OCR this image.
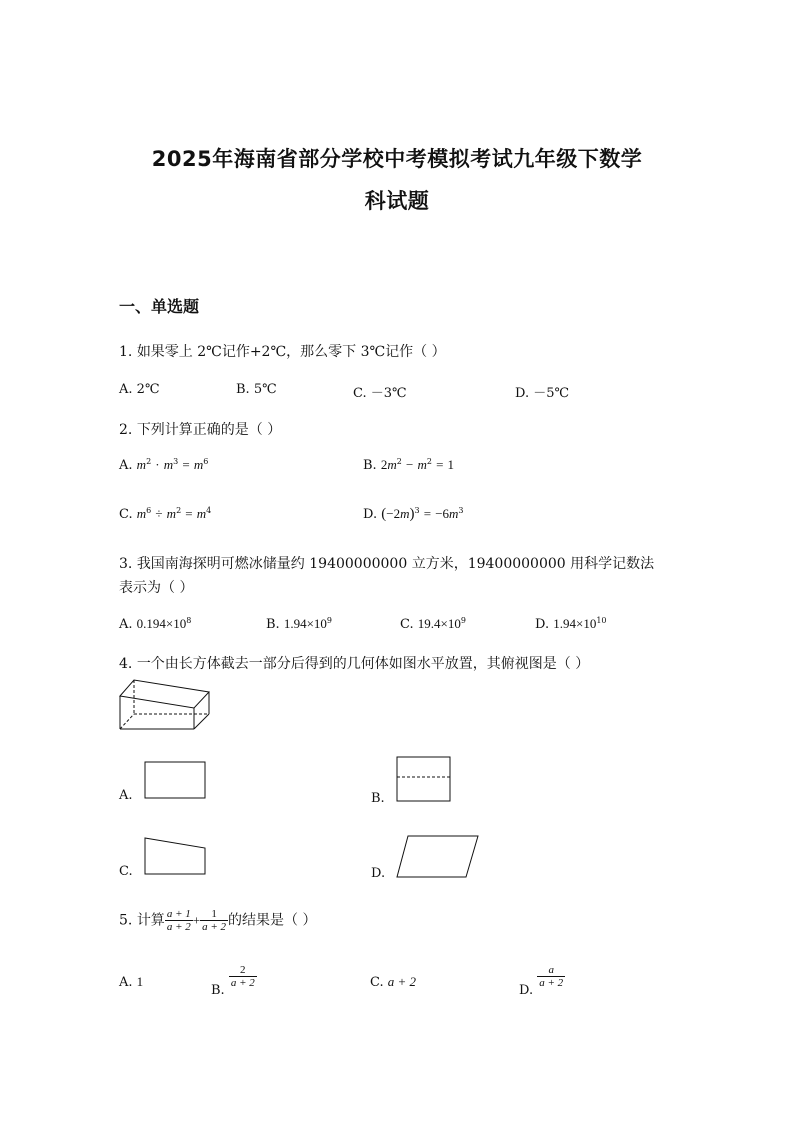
2025年海南省部分学校中考模拟考试九年级下数学
科试题
一、单选题
1. 如果零上 2℃记作+2℃，那么零下 3℃记作（ ）
A. 2℃	B. 5℃	C. －3℃	D. －5℃
2. 下列计算正确的是（ ）
A. $m^2 \cdot m^3 = m^6$	B. $2m^2 - m^2 = 1$
C. $m^6 \div m^2 = m^4$	D. $(-2m)^3 = -6m^3$
3. 我国南海探明可燃冰储量约 19400000000 立方米，19400000000 用科学记数法
表示为（ ）
A. $0.194\times 10^8$	B. $1.94\times 10^9$	C. $19.4\times 10^9$	D. $1.94\times 10^{10}$
4. 一个由长方体截去一部分后得到的几何体如图水平放置，其俯视图是（ ）
A.	B.
C.	D.
5. 计算 $\frac{a + 1}{a + 2} + \frac{1}{a + 2}$ 的结果是（ ）
A. 1
B.
$\frac{2}{a + 2}$	C. a + 2
D.
$\frac{a}{a + 2}$
